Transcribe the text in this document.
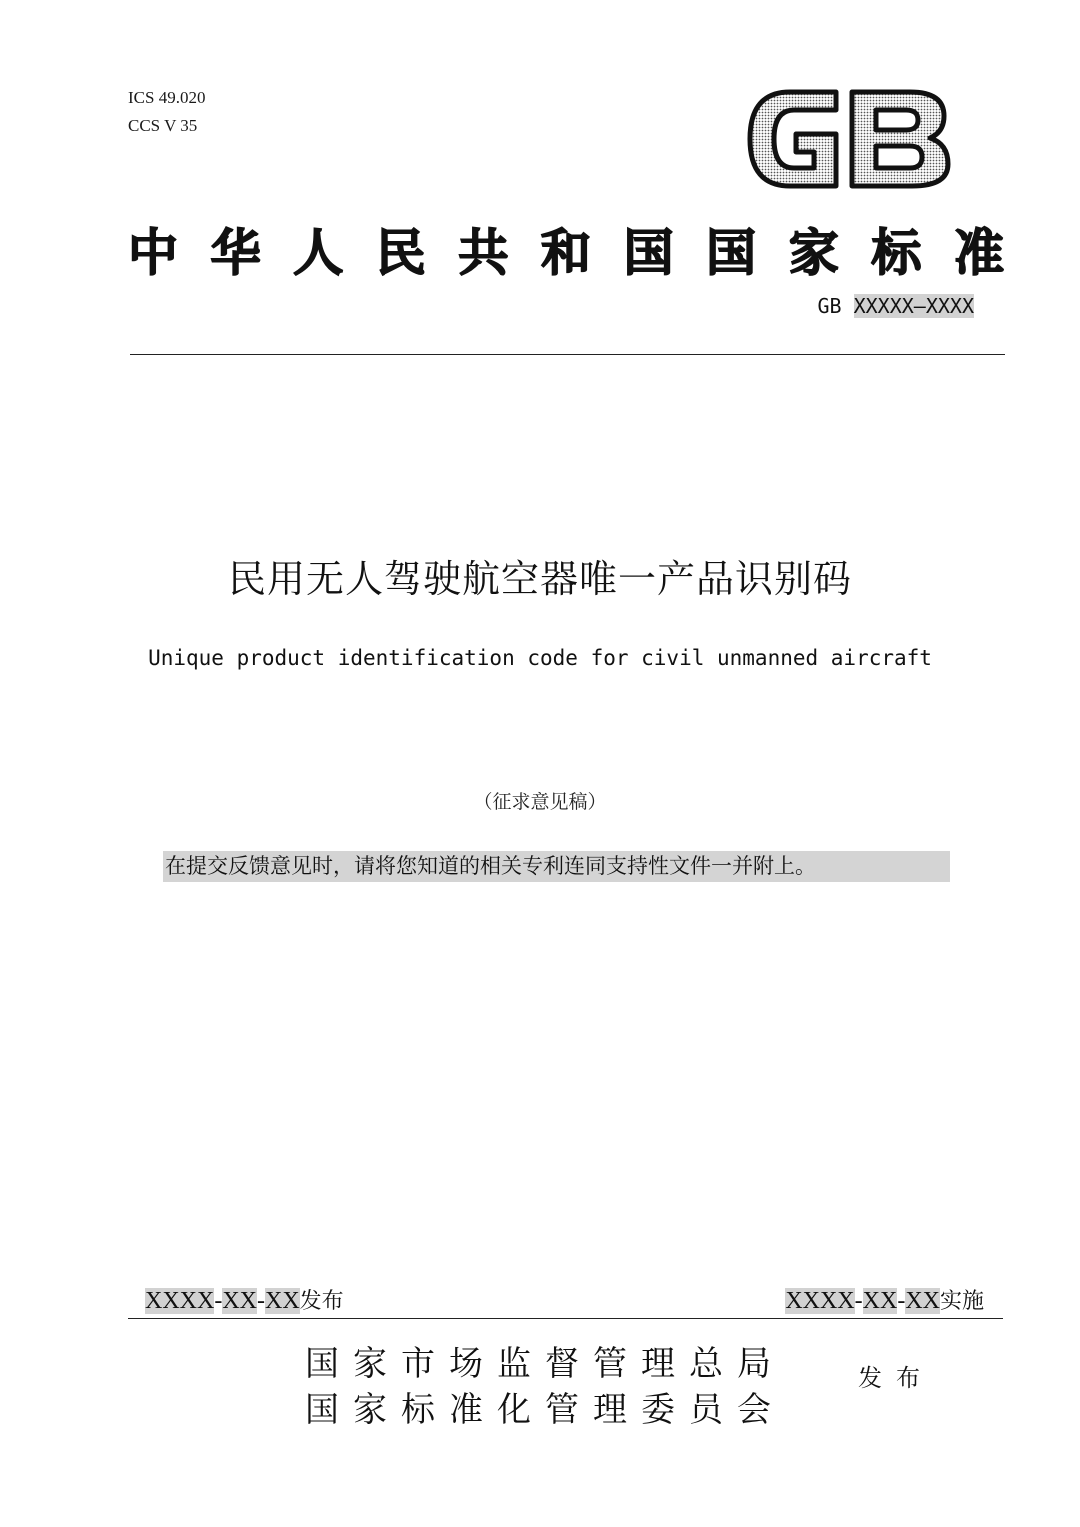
ICS 49.020
CCS V 35
中 华 人 民 共 和 国 国 家 标 准
GB XXXXX—XXXX
民用无人驾驶航空器唯一产品识别码
Unique product identification code for civil unmanned aircraft
（征求意见稿）
在提交反馈意见时，请将您知道的相关专利连同支持性文件一并附上。
XXXX-XX-XX发布	XXXX-XX-XX实施
国家市场监督管理总局
国家标准化管理委员会
发布
